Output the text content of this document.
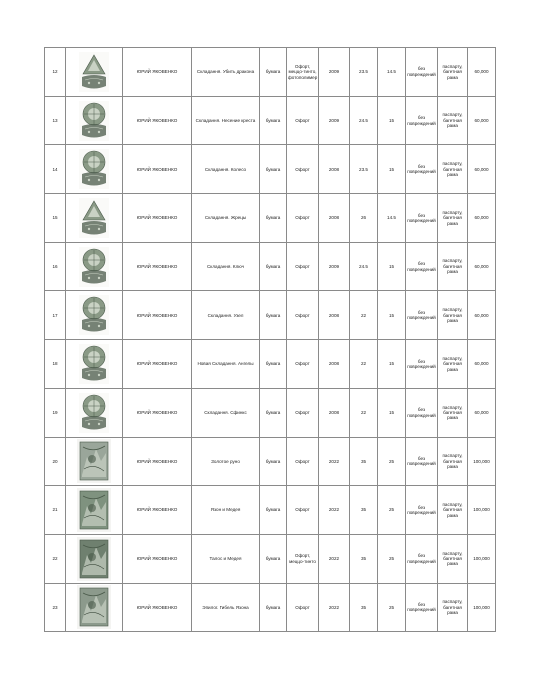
12		ЮРИЙ ЯКОВЕНКО	Складання. Убить дракона	бумага	Офорт, меццо-тинто, фотополимер	2009	23.5	14.5	без повреждений	паспарту, багетная рама	60,000
13		ЮРИЙ ЯКОВЕНКО	Складання. Несение креста	бумага	Офорт	2009	24.5	15	без повреждений	паспарту, багетная рама	60,000
14		ЮРИЙ ЯКОВЕНКО	Складання. Колесо	бумага	Офорт	2008	23.5	15	без повреждений	паспарту, багетная рама	60,000
15		ЮРИЙ ЯКОВЕНКО	Складання. Жрецы	бумага	Офорт	2008	26	14.5	без повреждений	паспарту, багетная рама	60,000
16		ЮРИЙ ЯКОВЕНКО	Складання. Ключ	бумага	Офорт	2009	24.5	15	без повреждений	паспарту, багетная рама	60,000
17		ЮРИЙ ЯКОВЕНКО	Складання. Узел	бумага	Офорт	2008	22	15	без повреждений	паспарту, багетная рама	60,000
18		ЮРИЙ ЯКОВЕНКО	Новая Складання. Ангелы	бумага	Офорт	2008	22	15	без повреждений	паспарту, багетная рама	60,000
19		ЮРИЙ ЯКОВЕНКО	Складання. Сфинкс	бумага	Офорт	2008	22	15	без повреждений	паспарту, багетная рама	60,000
20		ЮРИЙ ЯКОВЕНКО	Золотое руно	бумага	Офорт	2022	35	25	без повреждений	паспарту, багетная рама	100,000
21		ЮРИЙ ЯКОВЕНКО	Язон и Медея	бумага	Офорт	2022	35	25	без повреждений	паспарту, багетная рама	100,000
22		ЮРИЙ ЯКОВЕНКО	Талос и Медея	бумага	Офорт, меццо-тинто	2022	35	25	без повреждений	паспарту, багетная рама	100,000
23		ЮРИЙ ЯКОВЕНКО	Эпилог. Гибель Язона	бумага	Офорт	2022	35	25	без повреждений	паспарту, багетная рама	100,000
